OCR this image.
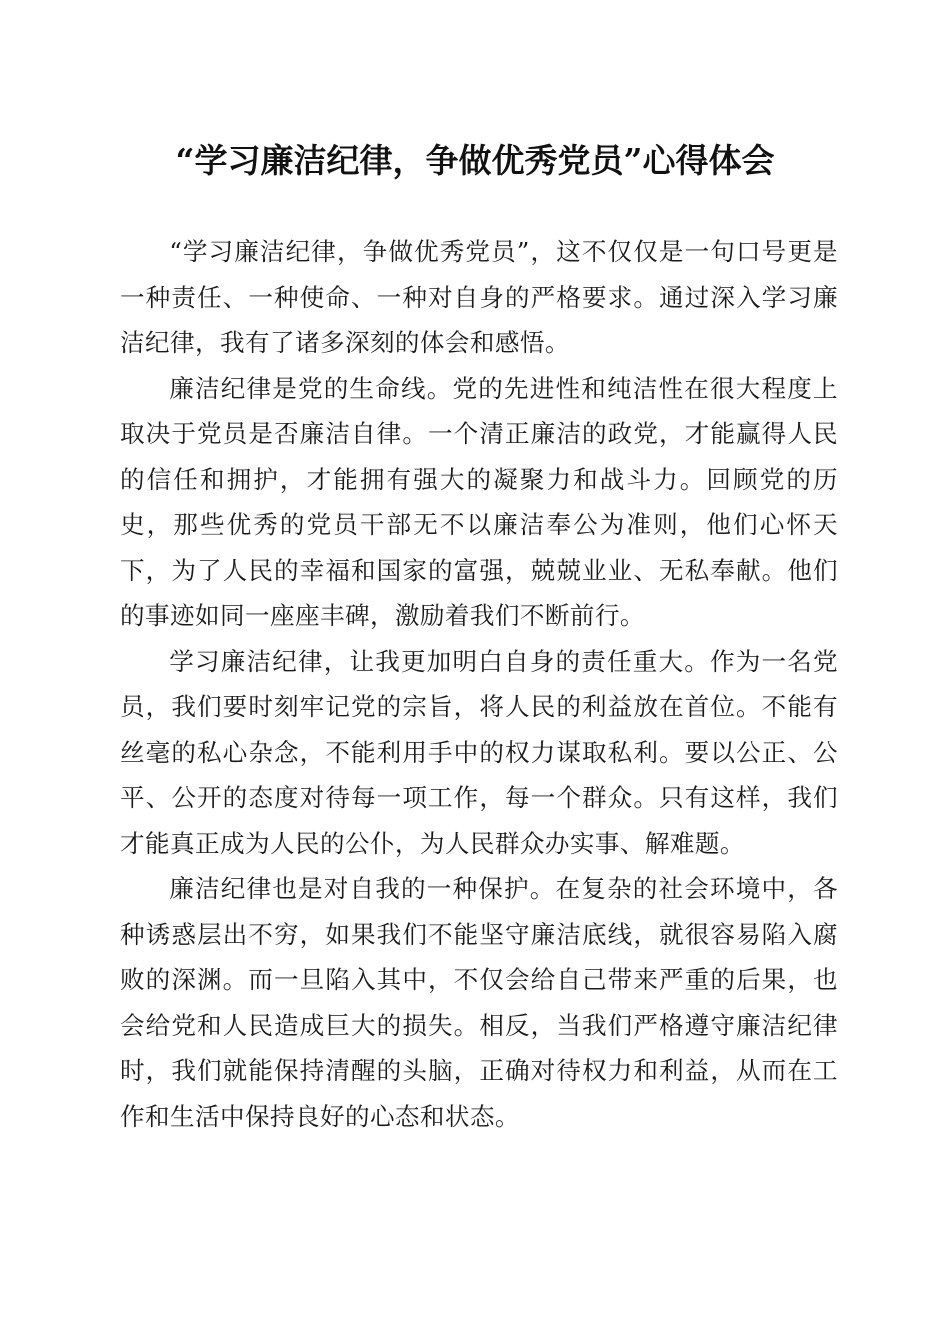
“学习廉洁纪律，争做优秀党员”心得体会

“学习廉洁纪律，争做优秀党员”，这不仅仅是一句口号更是一种责任、一种使命、一种对自身的严格要求。通过深入学习廉洁纪律，我有了诸多深刻的体会和感悟。

廉洁纪律是党的生命线。党的先进性和纯洁性在很大程度上取决于党员是否廉洁自律。一个清正廉洁的政党，才能赢得人民的信任和拥护，才能拥有强大的凝聚力和战斗力。回顾党的历史，那些优秀的党员干部无不以廉洁奉公为准则，他们心怀天下，为了人民的幸福和国家的富强，兢兢业业、无私奉献。他们的事迹如同一座座丰碑，激励着我们不断前行。

学习廉洁纪律，让我更加明白自身的责任重大。作为一名党员，我们要时刻牢记党的宗旨，将人民的利益放在首位。不能有丝毫的私心杂念，不能利用手中的权力谋取私利。要以公正、公平、公开的态度对待每一项工作，每一个群众。只有这样，我们才能真正成为人民的公仆，为人民群众办实事、解难题。

廉洁纪律也是对自我的一种保护。在复杂的社会环境中，各种诱惑层出不穷，如果我们不能坚守廉洁底线，就很容易陷入腐败的深渊。而一旦陷入其中，不仅会给自己带来严重的后果，也会给党和人民造成巨大的损失。相反，当我们严格遵守廉洁纪律时，我们就能保持清醒的头脑，正确对待权力和利益，从而在工作和生活中保持良好的心态和状态。
